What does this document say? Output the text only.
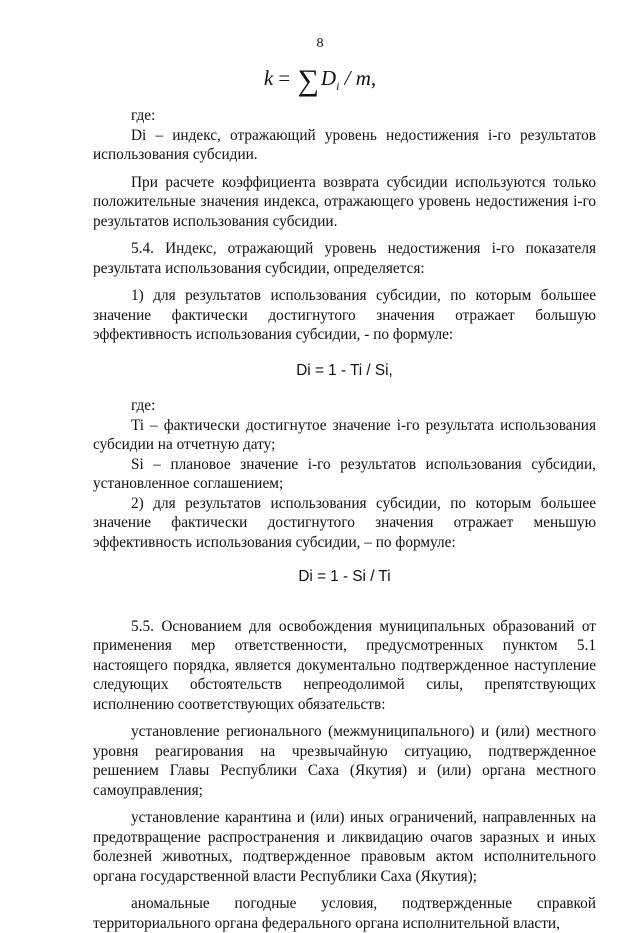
8
$k = \sum D_i / m$,

где:

Di – индекс, отражающий уровень недостижения i-го результатов использования субсидии.

При расчете коэффициента возврата субсидии используются только положительные значения индекса, отражающего уровень недостижения i-го результатов использования субсидии.

5.4. Индекс, отражающий уровень недостижения i-го показателя результата использования субсидии, определяется:

1) для результатов использования субсидии, по которым большее значение фактически достигнутого значения отражает большую эффективность использования субсидии, - по формуле:

Di = 1 - Ti / Si,

где:

Ti – фактически достигнутое значение i-го результата использования субсидии на отчетную дату;

Si – плановое значение i-го результатов использования субсидии, установленное соглашением;

2) для результатов использования субсидии, по которым большее значение фактически достигнутого значения отражает меньшую эффективность использования субсидии, – по формуле:

Di = 1 - Si / Ti

5.5. Основанием для освобождения муниципальных образований от применения мер ответственности, предусмотренных пунктом 5.1 настоящего порядка, является документально подтвержденное наступление следующих обстоятельств непреодолимой силы, препятствующих исполнению соответствующих обязательств:

установление регионального (межмуниципального) и (или) местного уровня реагирования на чрезвычайную ситуацию, подтвержденное решением Главы Республики Саха (Якутия) и (или) органа местного самоуправления;

установление карантина и (или) иных ограничений, направленных на предотвращение распространения и ликвидацию очагов заразных и иных болезней животных, подтвержденное правовым актом исполнительного органа государственной власти Республики Саха (Якутия);

аномальные погодные условия, подтвержденные справкой территориального органа федерального органа исполнительной власти,
